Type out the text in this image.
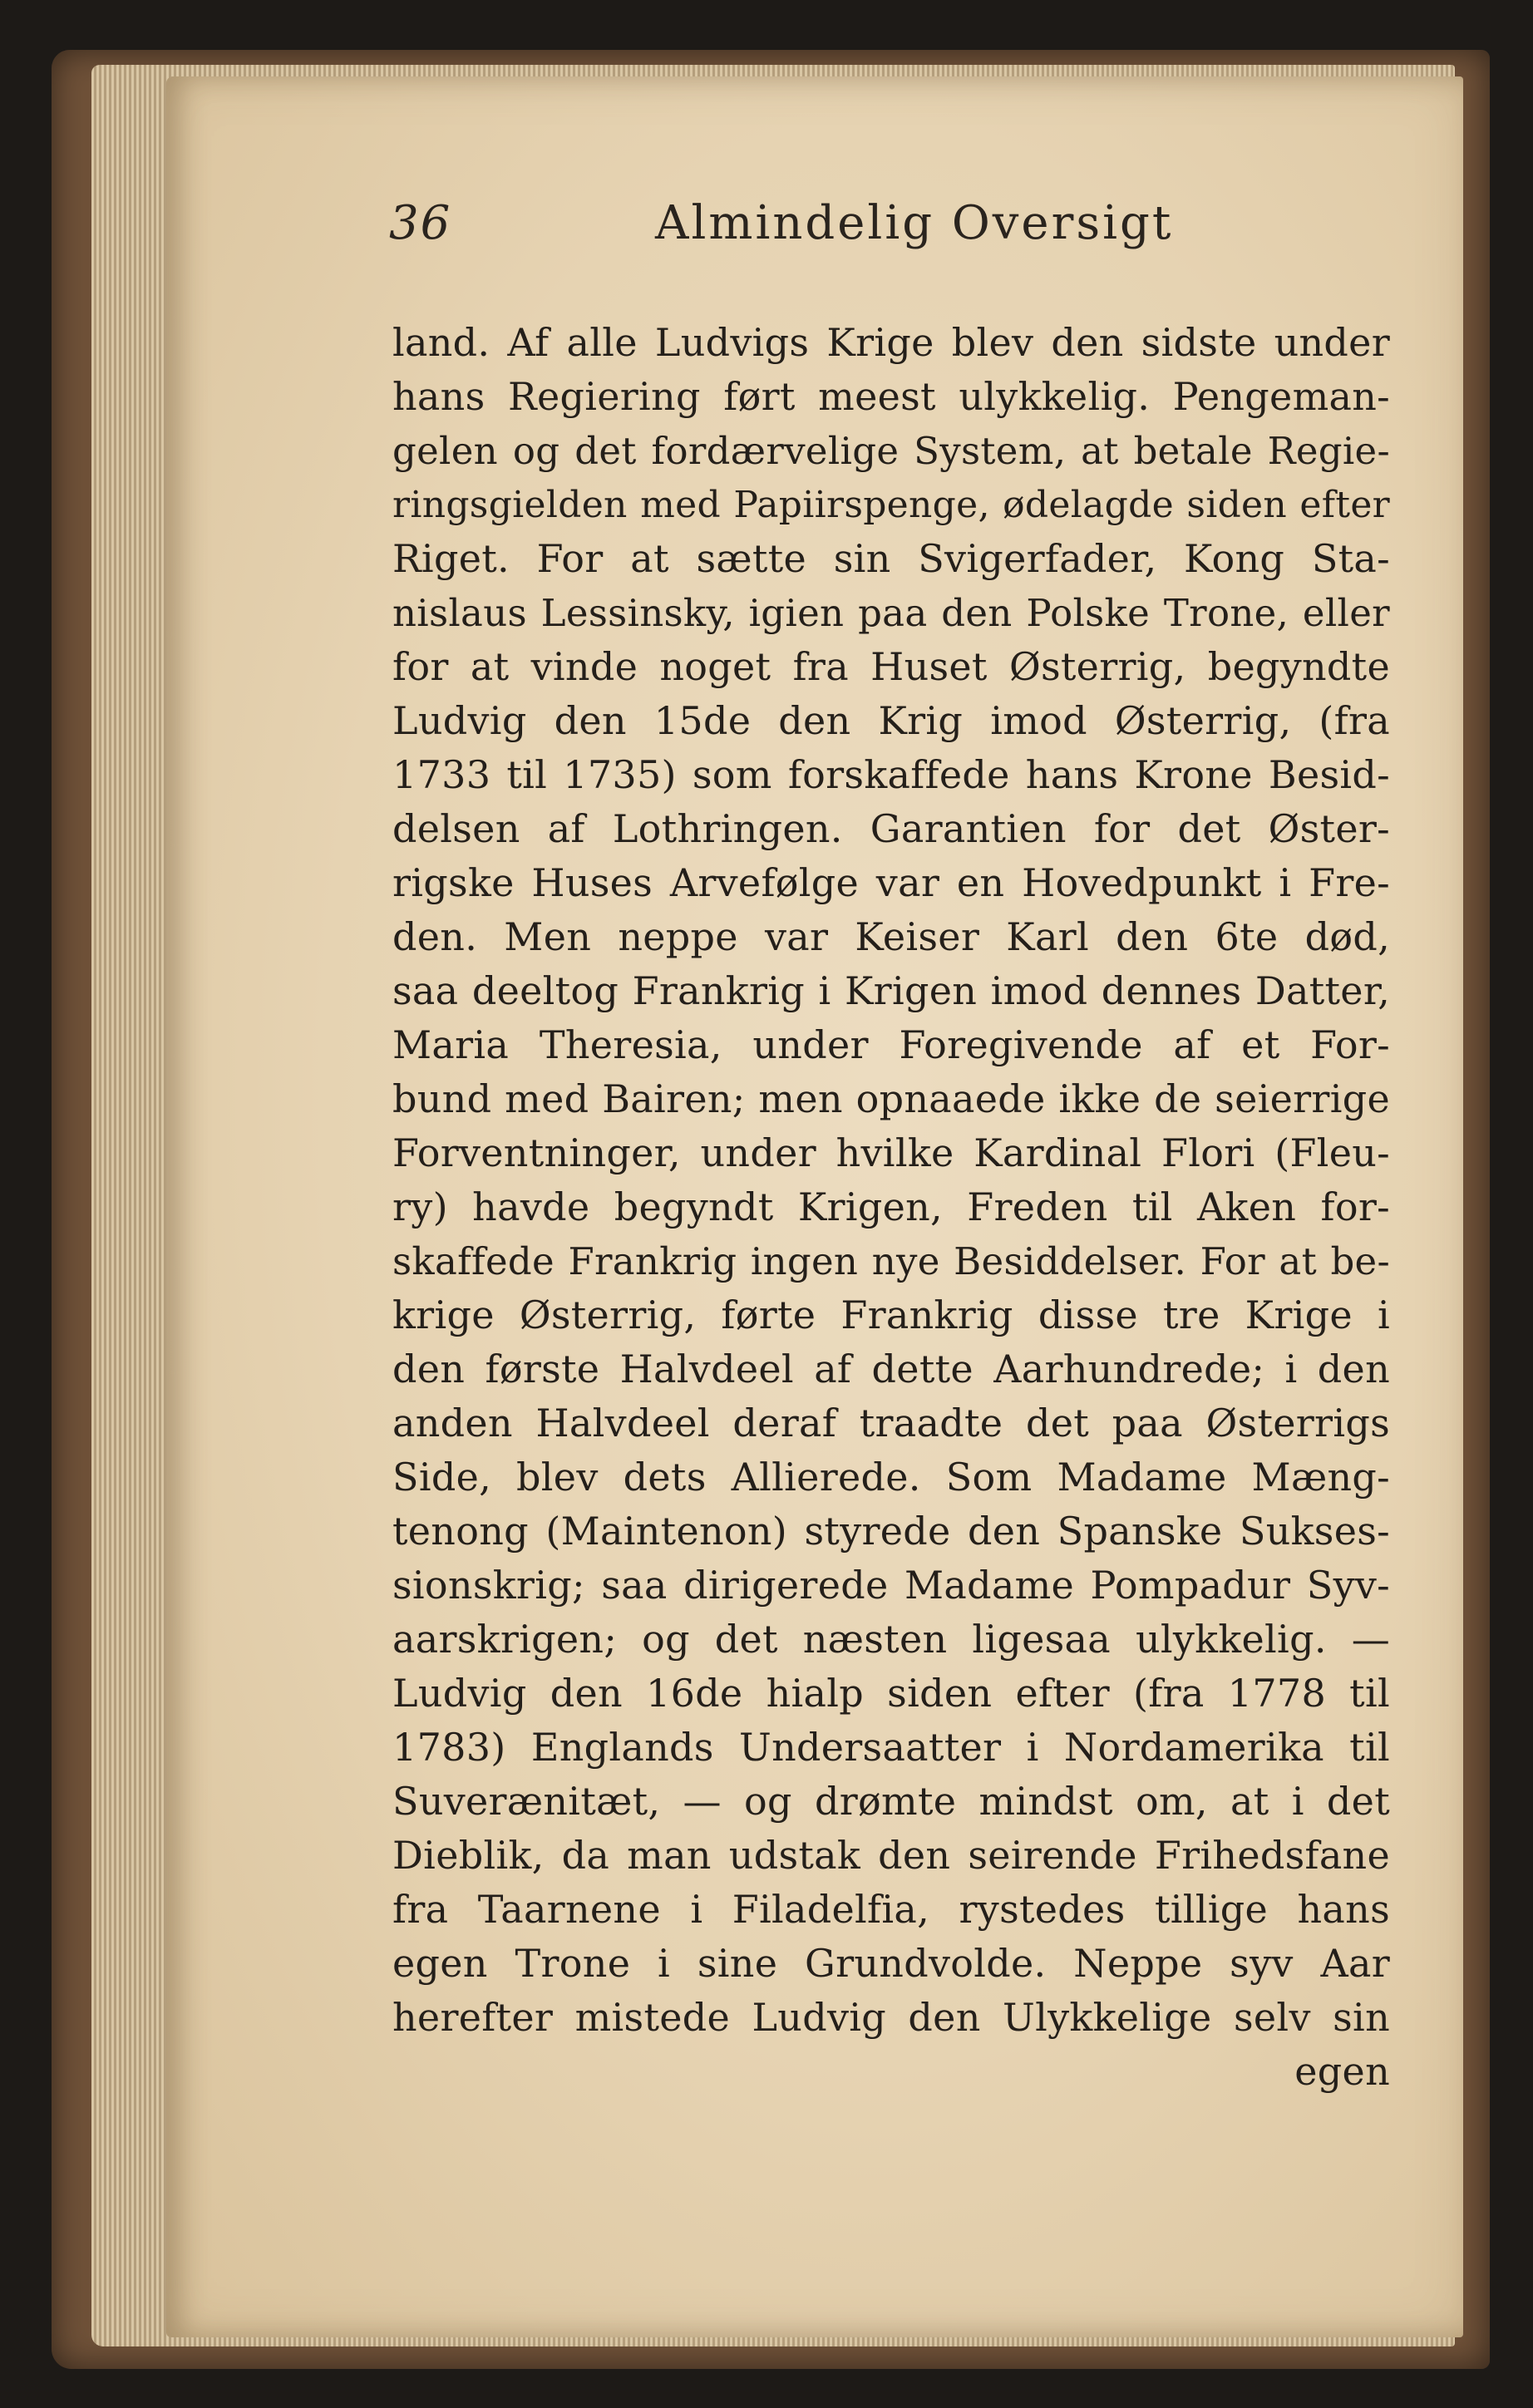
36	Almindelig Oversigt
land. Af alle Ludvigs Krige blev den sidste under
hans Regiering ført meest ulykkelig. Pengeman-
gelen og det fordærvelige System, at betale Regie-
ringsgielden med Papiirspenge, ødelagde siden efter
Riget. For at sætte sin Svigerfader, Kong Sta-
nislaus Lessinsky, igien paa den Polske Trone, eller
for at vinde noget fra Huset Østerrig, begyndte
Ludvig den 15de den Krig imod Østerrig, (fra
1733 til 1735) som forskaffede hans Krone Besid-
delsen af Lothringen. Garantien for det Øster-
rigske Huses Arvefølge var en Hovedpunkt i Fre-
den. Men neppe var Keiser Karl den 6te død,
saa deeltog Frankrig i Krigen imod dennes Datter,
Maria Theresia, under Foregivende af et For-
bund med Bairen; men opnaaede ikke de seierrige
Forventninger, under hvilke Kardinal Flori (Fleu-
ry) havde begyndt Krigen, Freden til Aken for-
skaffede Frankrig ingen nye Besiddelser. For at be-
krige Østerrig, førte Frankrig disse tre Krige i
den første Halvdeel af dette Aarhundrede; i den
anden Halvdeel deraf traadte det paa Østerrigs
Side, blev dets Allierede. Som Madame Mæng-
tenong (Maintenon) styrede den Spanske Sukses-
sionskrig; saa dirigerede Madame Pompadur Syv-
aarskrigen; og det næsten ligesaa ulykkelig. —
Ludvig den 16de hialp siden efter (fra 1778 til
1783) Englands Undersaatter i Nordamerika til
Suverænitæt, — og drømte mindst om, at i det
Dieblik, da man udstak den seirende Frihedsfane
fra Taarnene i Filadelfia, rystedes tillige hans
egen Trone i sine Grundvolde. Neppe syv Aar
herefter mistede Ludvig den Ulykkelige selv sin
egen
